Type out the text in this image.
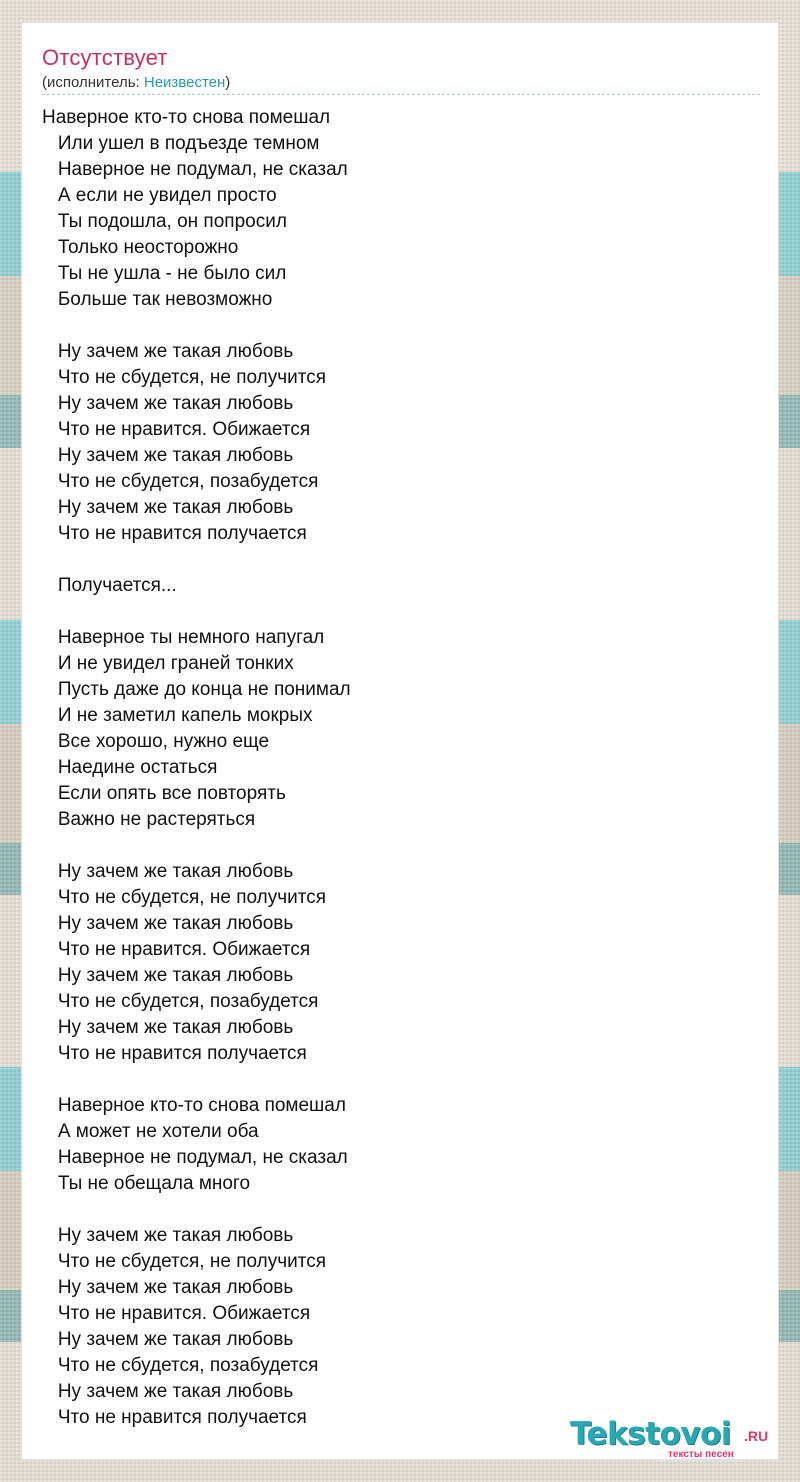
Отсутствует
(исполнитель: Неизвестен)
Наверное кто-то снова помешал
Или ушел в подъезде темном
Наверное не подумал, не сказал
А если не увидел просто
Ты подошла, он попросил
Только неосторожно
Ты не ушла - не было сил
Больше так невозможно

Ну зачем же такая любовь
Что не сбудется, не получится
Ну зачем же такая любовь
Что не нравится. Обижается
Ну зачем же такая любовь
Что не сбудется, позабудется
Ну зачем же такая любовь
Что не нравится получается

Получается...

Наверное ты немного напугал
И не увидел граней тонких
Пусть даже до конца не понимал
И не заметил капель мокрых
Все хорошо, нужно еще
Наедине остаться
Если опять все повторять
Важно не растеряться

Ну зачем же такая любовь
Что не сбудется, не получится
Ну зачем же такая любовь
Что не нравится. Обижается
Ну зачем же такая любовь
Что не сбудется, позабудется
Ну зачем же такая любовь
Что не нравится получается

Наверное кто-то снова помешал
А может не хотели оба
Наверное не подумал, не сказал
Ты не обещала много

Ну зачем же такая любовь
Что не сбудется, не получится
Ну зачем же такая любовь
Что не нравится. Обижается
Ну зачем же такая любовь
Что не сбудется, позабудется
Ну зачем же такая любовь
Что не нравится получается	Tekstovoi .RU
тексты песен
